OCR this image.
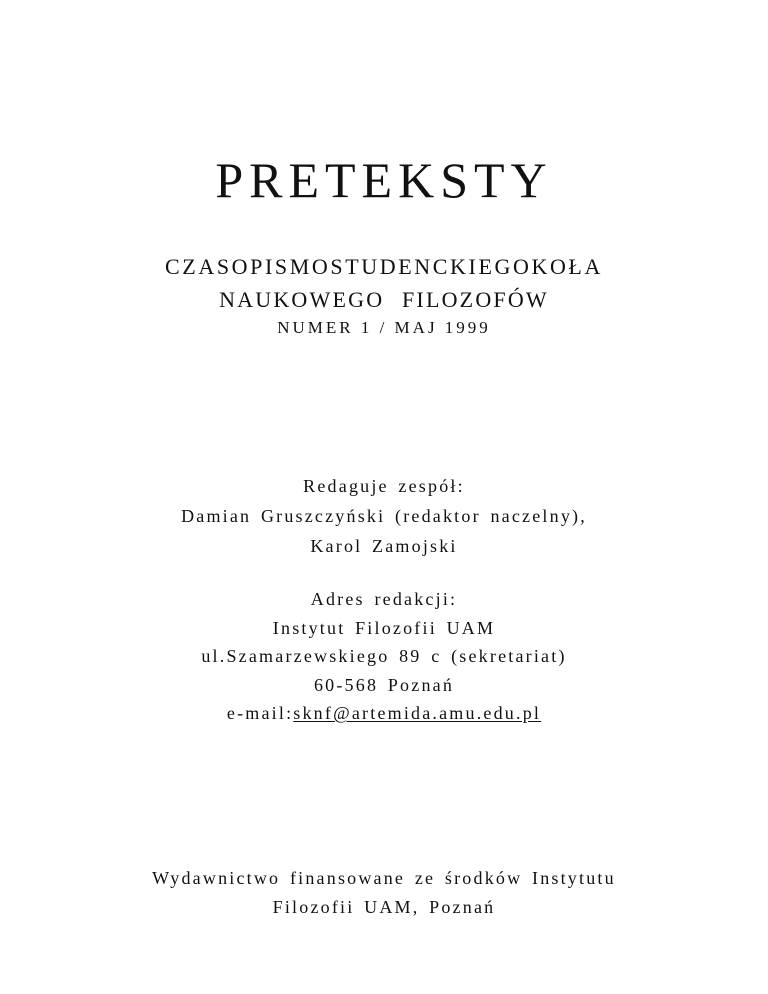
PRETEKSTY
CZASOPISMOSTUDENCKIEGOKOŁA
NAUKOWEGO FILOZOFÓW
NUMER 1 / MAJ 1999
Redaguje zespół:
Damian Gruszczyński (redaktor naczelny),
Karol Zamojski
Adres redakcji:
Instytut Filozofii UAM
ul.Szamarzewskiego 89 c (sekretariat)
60-568 Poznań
e-mail:sknf@artemida.amu.edu.pl
Wydawnictwo finansowane ze środków Instytutu
Filozofii UAM, Poznań
